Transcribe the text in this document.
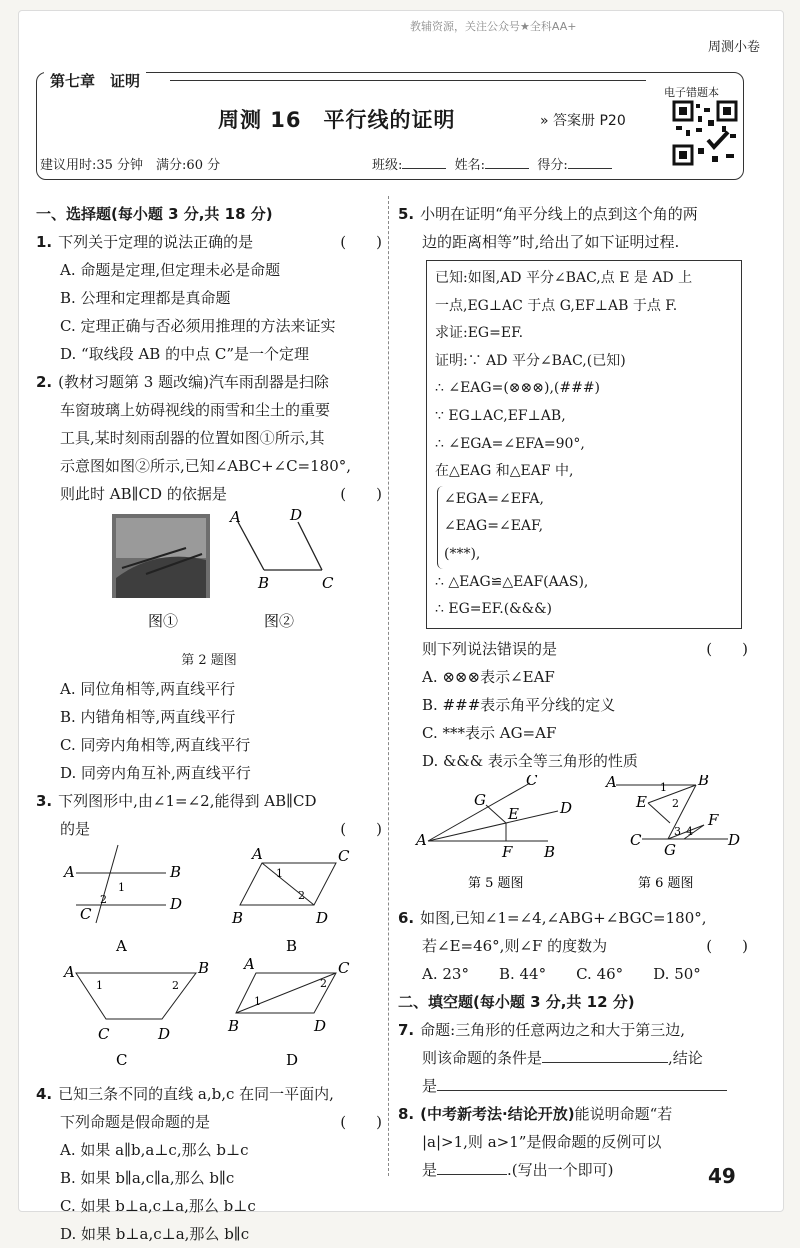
教辅资源，关注公众号★全科AA+
周测小卷
第七章　证明
周测 16　平行线的证明	» 答案册 P20
建议用时:35 分钟　满分:60 分	班级:	姓名:	得分:
电子错题本
一、选择题(每小题 3 分,共 18 分)
1. 下列关于定理的说法正确的是	(　　)
A. 命题是定理,但定理未必是命题
B. 公理和定理都是真命题
C. 定理正确与否必须用推理的方法来证实
D. “取线段 AB 的中点 C”是一个定理
2. (教材习题第 3 题改编)汽车雨刮器是扫除
车窗玻璃上妨碍视线的雨雪和尘土的重要
工具,某时刻雨刮器的位置如图①所示,其
示意图如图②所示,已知∠ABC+∠C=180°,
则此时 AB∥CD 的依据是	(　　)
图①
A	D
B	C
图②
第 2 题图
A. 同位角相等,两直线平行
B. 内错角相等,两直线平行
C. 同旁内角相等,两直线平行
D. 同旁内角互补,两直线平行
3. 下列图形中,由∠1=∠2,能得到 AB∥CD
的是	(　　)
A	B
C
D
1
2
A
A	C
B	D
1
2
B
A	B
C	D
1	2
C
A	C
B	D
1
2
D
4. 已知三条不同的直线 a,b,c 在同一平面内,
下列命题是假命题的是	(　　)
A. 如果 a∥b,a⊥c,那么 b⊥c
B. 如果 b∥a,c∥a,那么 b∥c
C. 如果 b⊥a,c⊥a,那么 b⊥c
D. 如果 b⊥a,c⊥a,那么 b∥c
5. 小明在证明“角平分线上的点到这个角的两
边的距离相等”时,给出了如下证明过程.
已知:如图,AD 平分∠BAC,点 E 是 AD 上
一点,EG⊥AC 于点 G,EF⊥AB 于点 F.
求证:EG=EF.
证明:∵ AD 平分∠BAC,(已知)
∴ ∠EAG=(⊗⊗⊗),(###)
∵ EG⊥AC,EF⊥AB,
∴ ∠EGA=∠EFA=90°,
在△EAG 和△EAF 中,
∠EGA=∠EFA,
∠EAG=∠EAF,
(***),
∴ △EAG≌△EAF(AAS),
∴ EG=EF.(&&&)
则下列说法错误的是	(　　)
A. ⊗⊗⊗表示∠EAF
B. ###表示角平分线的定义
C. ***表示 AG=AF
D. &&& 表示全等三角形的性质
A
C
D
B
G
E
F
第 5 题图
A	B
E
F
C	D
G
1
2
3 4
第 6 题图
6. 如图,已知∠1=∠4,∠ABG+∠BGC=180°,
若∠E=46°,则∠F 的度数为	(　　)
A. 23°　　B. 44°　　C. 46°　　D. 50°
二、填空题(每小题 3 分,共 12 分)
7. 命题:三角形的任意两边之和大于第三边,
则该命题的条件是	,结论
是
8. (中考新考法·结论开放)能说明命题“若
|a|>1,则 a>1”是假命题的反例可以
是	.(写出一个即可)	49
